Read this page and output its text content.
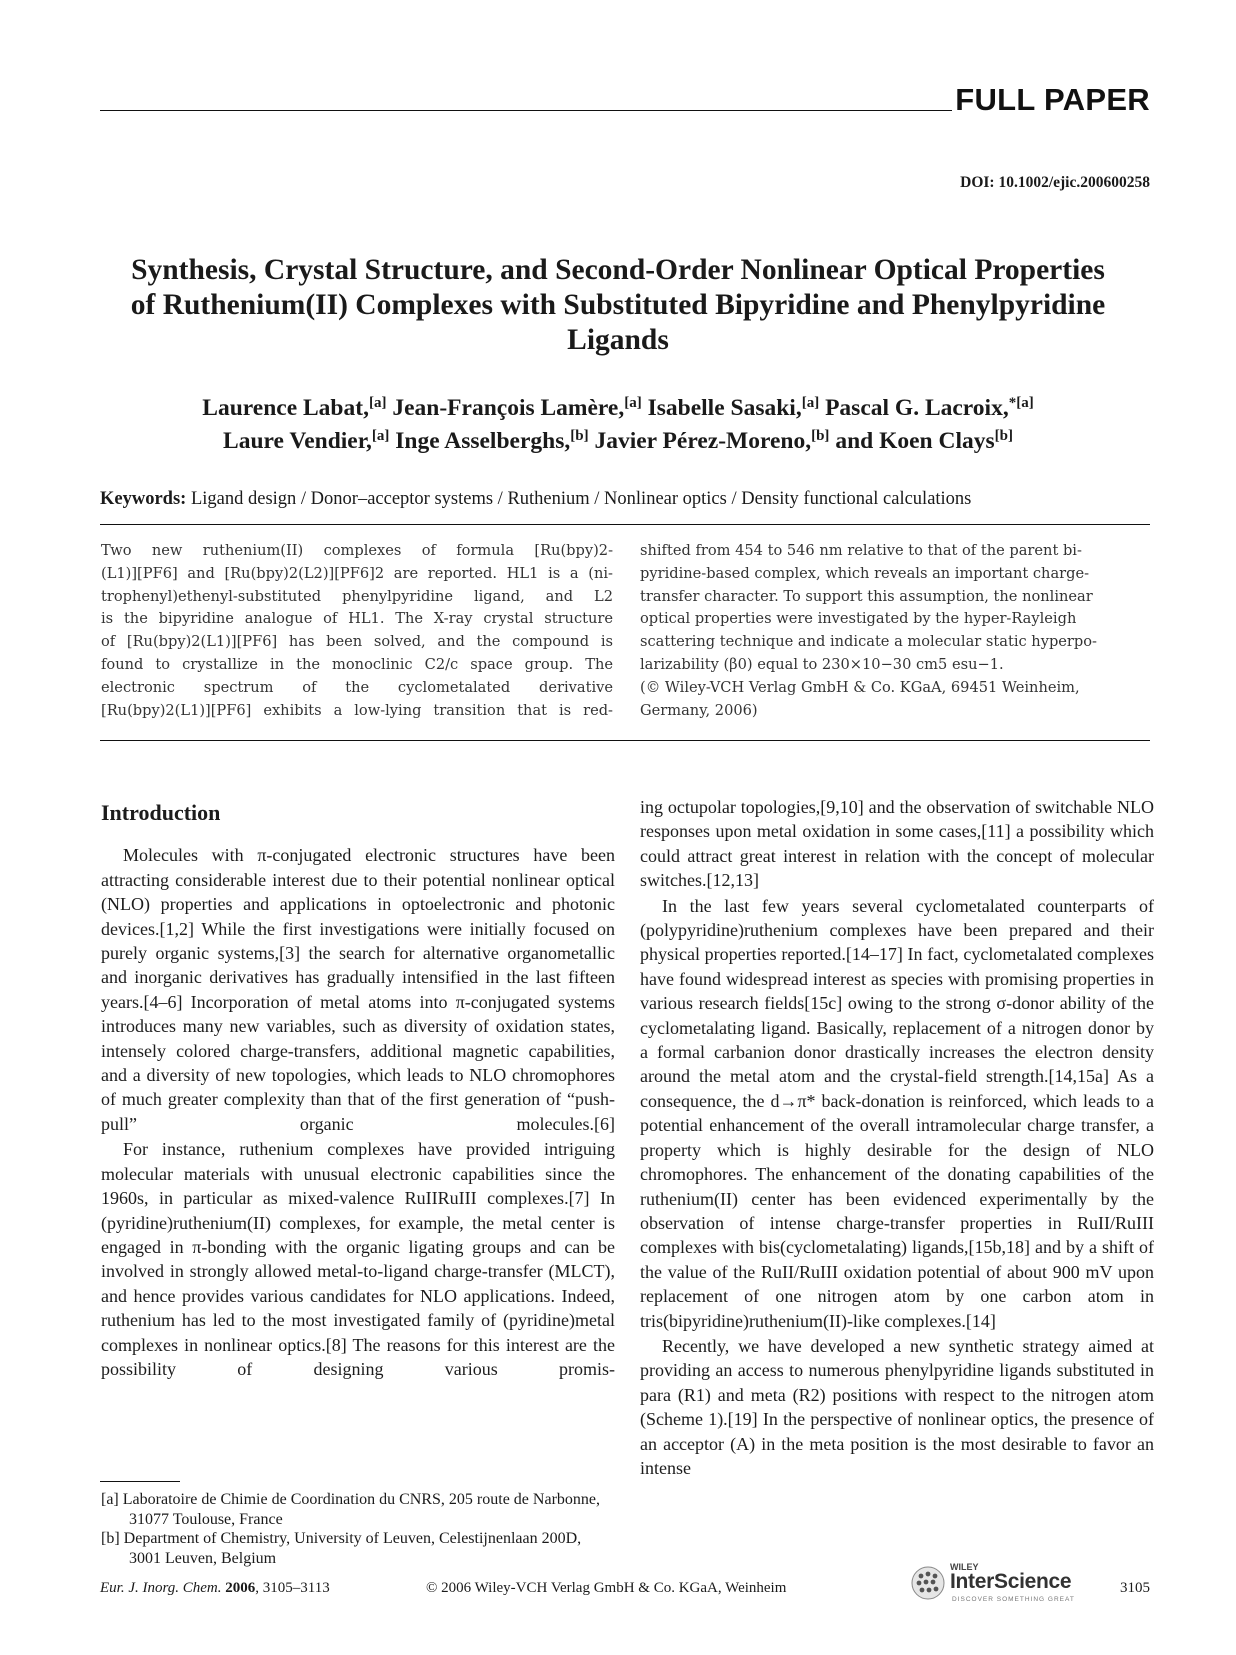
FULL PAPER
DOI: 10.1002/ejic.200600258
Synthesis, Crystal Structure, and Second-Order Nonlinear Optical Properties
of Ruthenium(II) Complexes with Substituted Bipyridine and Phenylpyridine
Ligands
Laurence Labat,[a] Jean-François Lamère,[a] Isabelle Sasaki,[a] Pascal G. Lacroix,$^{*[a]}$
Laure Vendier,[a] Inge Asselberghs,[b] Javier Pérez-Moreno,[b] and Koen Clays[b]
Keywords: Ligand design / Donor–acceptor systems / Ruthenium / Nonlinear optics / Density functional calculations
Two new ruthenium(II) complexes of formula [Ru(bpy)2-
(L1)][PF6] and [Ru(bpy)2(L2)][PF6]2 are reported. HL1 is a (ni-
trophenyl)ethenyl-substituted phenylpyridine ligand, and L2
is the bipyridine analogue of HL1. The X-ray crystal structure
of [Ru(bpy)2(L1)][PF6] has been solved, and the compound is
found to crystallize in the monoclinic C2/c space group. The
electronic spectrum of the cyclometalated derivative
[Ru(bpy)2(L1)][PF6] exhibits a low-lying transition that is red-
shifted from 454 to 546 nm relative to that of the parent bi-
pyridine-based complex, which reveals an important charge-
transfer character. To support this assumption, the nonlinear
optical properties were investigated by the hyper-Rayleigh
scattering technique and indicate a molecular static hyperpo-
larizability (β0) equal to 230×10−30 cm5 esu−1.
(© Wiley-VCH Verlag GmbH & Co. KGaA, 69451 Weinheim,
Germany, 2006)
Introduction
Molecules with π-conjugated electronic structures have been attracting considerable interest due to their potential nonlinear optical (NLO) properties and applications in optoelectronic and photonic devices.[1,2] While the first investigations were initially focused on purely organic systems,[3] the search for alternative organometallic and inorganic derivatives has gradually intensified in the last fifteen years.[4–6] Incorporation of metal atoms into π-conjugated systems introduces many new variables, such as diversity of oxidation states, intensely colored charge-transfers, additional magnetic capabilities, and a diversity of new topologies, which leads to NLO chromophores of much greater complexity than that of the first generation of “push-pull” organic molecules.[6]
For instance, ruthenium complexes have provided intriguing molecular materials with unusual electronic capabilities since the 1960s, in particular as mixed-valence RuIIRuIII complexes.[7] In (pyridine)ruthenium(II) complexes, for example, the metal center is engaged in π-bonding with the organic ligating groups and can be involved in strongly allowed metal-to-ligand charge-transfer (MLCT), and hence provides various candidates for NLO applications. Indeed, ruthenium has led to the most investigated family of (pyridine)metal complexes in nonlinear optics.[8] The reasons for this interest are the possibility of designing various promis-
ing octupolar topologies,[9,10] and the observation of switchable NLO responses upon metal oxidation in some cases,[11] a possibility which could attract great interest in relation with the concept of molecular switches.[12,13]
In the last few years several cyclometalated counterparts of (polypyridine)ruthenium complexes have been prepared and their physical properties reported.[14–17] In fact, cyclometalated complexes have found widespread interest as species with promising properties in various research fields[15c] owing to the strong σ-donor ability of the cyclometalating ligand. Basically, replacement of a nitrogen donor by a formal carbanion donor drastically increases the electron density around the metal atom and the crystal-field strength.[14,15a] As a consequence, the d→π* back-donation is reinforced, which leads to a potential enhancement of the overall intramolecular charge transfer, a property which is highly desirable for the design of NLO chromophores. The enhancement of the donating capabilities of the ruthenium(II) center has been evidenced experimentally by the observation of intense charge-transfer properties in RuII/RuIII complexes with bis(cyclometalating) ligands,[15b,18] and by a shift of the value of the RuII/RuIII oxidation potential of about 900 mV upon replacement of one nitrogen atom by one carbon atom in tris(bipyridine)ruthenium(II)-like complexes.[14]
Recently, we have developed a new synthetic strategy aimed at providing an access to numerous phenylpyridine ligands substituted in para (R1) and meta (R2) positions with respect to the nitrogen atom (Scheme 1).[19] In the perspective of nonlinear optics, the presence of an acceptor (A) in the meta position is the most desirable to favor an intense
[a] Laboratoire de Chimie de Coordination du CNRS, 205 route de Narbonne, 31077 Toulouse, France
[b] Department of Chemistry, University of Leuven, Celestijnenlaan 200D, 3001 Leuven, Belgium
Eur. J. Inorg. Chem. 2006, 3105–3113	© 2006 Wiley-VCH Verlag GmbH & Co. KGaA, Weinheim
WILEY
InterScience
DISCOVER SOMETHING GREAT
3105
